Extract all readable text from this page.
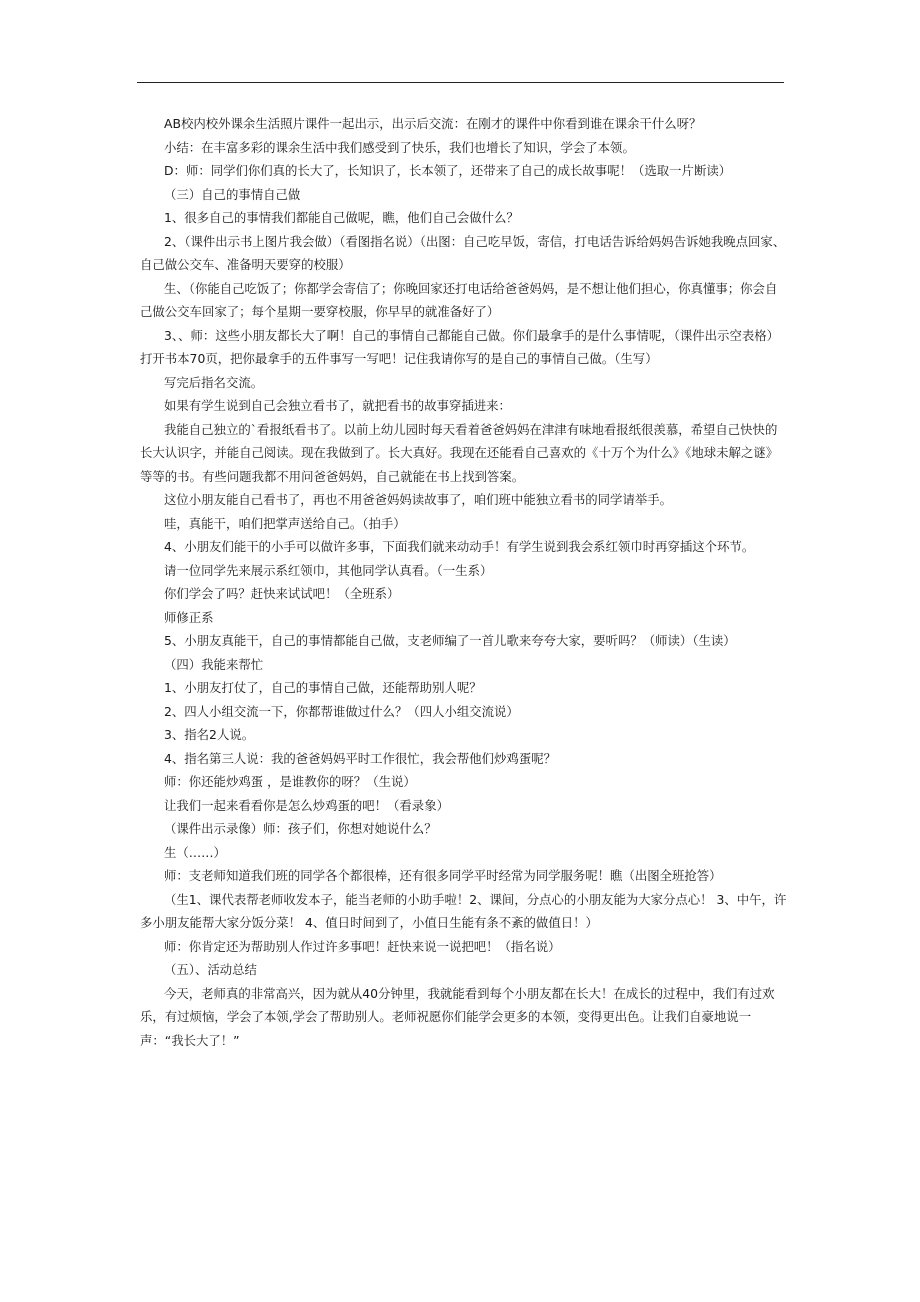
AB校内校外课余生活照片课件一起出示，出示后交流：在刚才的课件中你看到谁在课余干什么呀？

小结：在丰富多彩的课余生活中我们感受到了快乐，我们也增长了知识，学会了本领。

D：师：同学们你们真的长大了，长知识了，长本领了，还带来了自己的成长故事呢！（选取一片断读）

（三）自己的事情自己做

1、很多自己的事情我们都能自己做呢，瞧，他们自己会做什么？

2、（课件出示书上图片我会做）（看图指名说）（出图：自己吃早饭，寄信，打电话告诉给妈妈告诉她我晚点回家、自己做公交车、准备明天要穿的校服）

生、（你能自己吃饭了；你都学会寄信了；你晚回家还打电话给爸爸妈妈，是不想让他们担心，你真懂事；你会自己做公交车回家了；每个星期一要穿校服，你早早的就准备好了）

3、、师：这些小朋友都长大了啊！自己的事情自己都能自己做。你们最拿手的是什么事情呢，（课件出示空表格）打开书本70页，把你最拿手的五件事写一写吧！记住我请你写的是自己的事情自己做。（生写）

写完后指名交流。

如果有学生说到自己会独立看书了，就把看书的故事穿插进来：

我能自己独立的`看报纸看书了。以前上幼儿园时每天看着爸爸妈妈在津津有味地看报纸很羡慕，希望自己快快的长大认识字，并能自己阅读。现在我做到了。长大真好。我现在还能看自己喜欢的《十万个为什么》《地球未解之谜》等等的书。有些问题我都不用问爸爸妈妈，自己就能在书上找到答案。

这位小朋友能自己看书了，再也不用爸爸妈妈读故事了，咱们班中能独立看书的同学请举手。

哇，真能干，咱们把掌声送给自己。（拍手）

4、小朋友们能干的小手可以做许多事，下面我们就来动动手！有学生说到我会系红领巾时再穿插这个环节。

请一位同学先来展示系红领巾，其他同学认真看。（一生系）

你们学会了吗？赶快来试试吧！（全班系）

师修正系

5、小朋友真能干，自己的事情都能自己做，支老师编了一首儿歌来夸夸大家，要听吗？（师读）（生读）

（四）我能来帮忙

1、小朋友打仗了，自己的事情自己做，还能帮助别人呢？

2、四人小组交流一下，你都帮谁做过什么？（四人小组交流说）

3、指名2人说。

4、指名第三人说：我的爸爸妈妈平时工作很忙，我会帮他们炒鸡蛋呢？

师：你还能炒鸡蛋 ，是谁教你的呀？（生说）

让我们一起来看看你是怎么炒鸡蛋的吧！（看录象）

（课件出示录像）师：孩子们，你想对她说什么？

生（……）

师：支老师知道我们班的同学各个都很棒，还有很多同学平时经常为同学服务呢！瞧（出图全班抢答）

（生1、课代表帮老师收发本子，能当老师的小助手啦！2、课间，分点心的小朋友能为大家分点心！ 3、中午，许多小朋友能帮大家分饭分菜！ 4、值日时间到了，小值日生能有条不紊的做值日！）

师：你肯定还为帮助别人作过许多事吧！赶快来说一说把吧！（指名说）

（五）、活动总结

今天，老师真的非常高兴，因为就从40分钟里，我就能看到每个小朋友都在长大！在成长的过程中，我们有过欢乐，有过烦恼，学会了本领,学会了帮助别人。老师祝愿你们能学会更多的本领，变得更出色。让我们自豪地说一声：“我长大了！”
